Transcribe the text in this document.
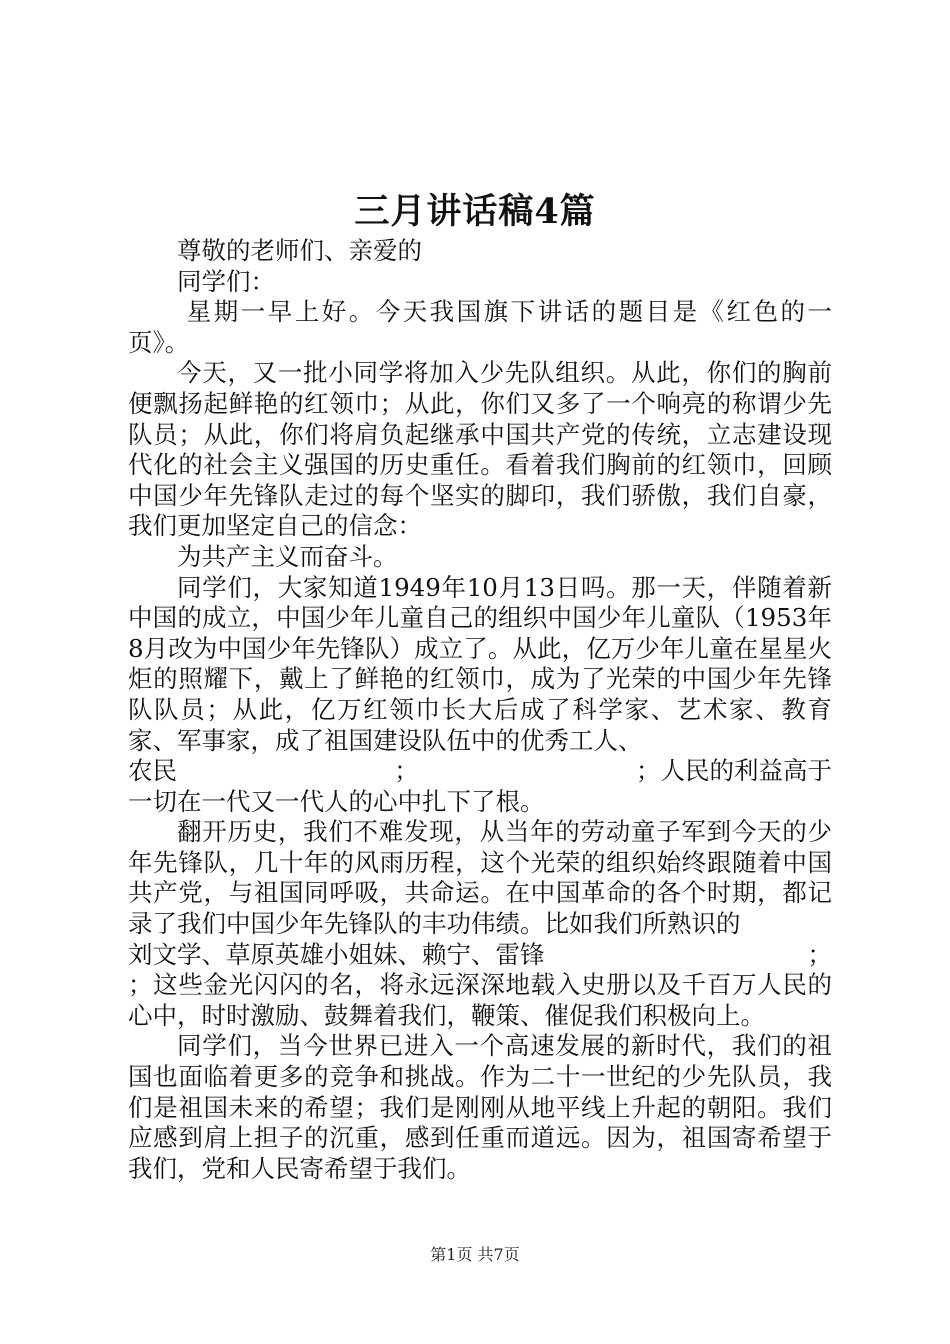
三月讲话稿4篇

尊敬的老师们、亲爱的

同学们：

星期一早上好。今天我国旗下讲话的题目是《红色的一页》。

今天，又一批小同学将加入少先队组织。从此，你们的胸前便飘扬起鲜艳的红领巾；从此，你们又多了一个响亮的称谓少先队员；从此，你们将肩负起继承中国共产党的传统，立志建设现代化的社会主义强国的历史重任。看着我们胸前的红领巾，回顾中国少年先锋队走过的每个坚实的脚印，我们骄傲，我们自豪，我们更加坚定自己的信念：

为共产主义而奋斗。

同学们，大家知道1949年10月13日吗。那一天，伴随着新中国的成立，中国少年儿童自己的组织中国少年儿童队（1953年8月改为中国少年先锋队）成立了。从此，亿万少年儿童在星星火炬的照耀下，戴上了鲜艳的红领巾，成为了光荣的中国少年先锋队队员；从此，亿万红领巾长大后成了科学家、艺术家、教育家、军事家，成了祖国建设队伍中的优秀工人、

农民	；	；人民的利益高于

一切在一代又一代人的心中扎下了根。

翻开历史，我们不难发现，从当年的劳动童子军到今天的少年先锋队，几十年的风雨历程，这个光荣的组织始终跟随着中国共产党，与祖国同呼吸，共命运。在中国革命的各个时期，都记录了我们中国少年先锋队的丰功伟绩。比如我们所熟识的

刘文学、草原英雄小姐妹、赖宁、雷锋	；

；这些金光闪闪的名，将永远深深地载入史册以及千百万人民的心中，时时激励、鼓舞着我们，鞭策、催促我们积极向上。

同学们，当今世界已进入一个高速发展的新时代，我们的祖国也面临着更多的竞争和挑战。作为二十一世纪的少先队员，我们是祖国未来的希望；我们是刚刚从地平线上升起的朝阳。我们应感到肩上担子的沉重，感到任重而道远。因为，祖国寄希望于我们，党和人民寄希望于我们。

第1页 共7页
